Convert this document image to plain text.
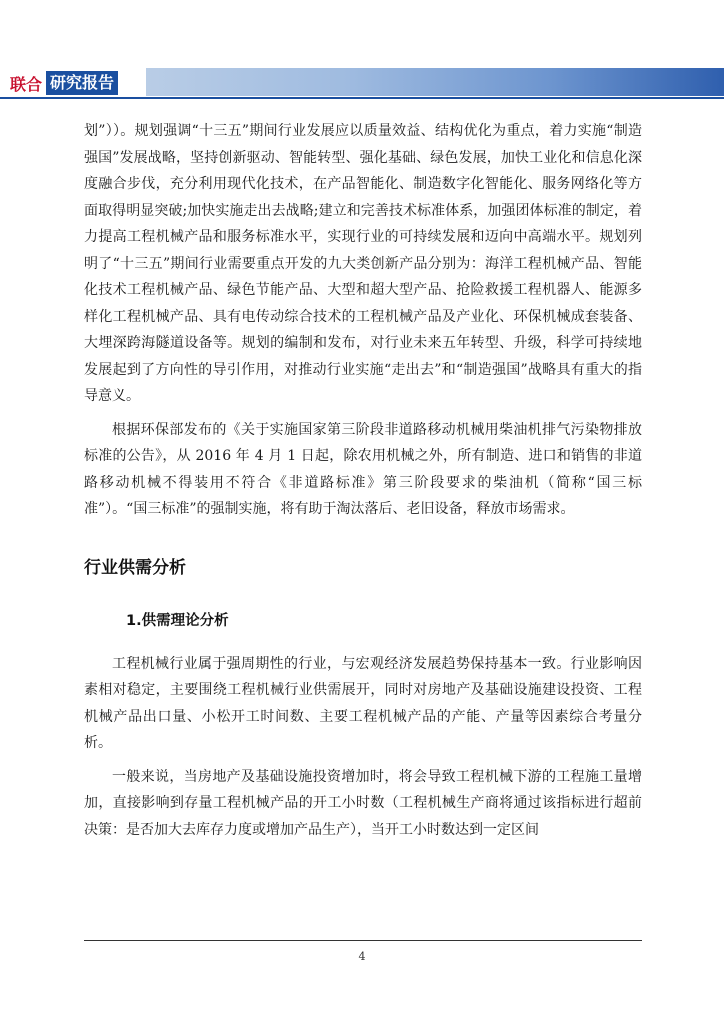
联合 研究报告

划”））。规划强调“十三五”期间行业发展应以质量效益、结构优化为重点，着力实施“制造强国”发展战略，坚持创新驱动、智能转型、强化基础、绿色发展，加快工业化和信息化深度融合步伐，充分利用现代化技术，在产品智能化、制造数字化智能化、服务网络化等方面取得明显突破;加快实施走出去战略;建立和完善技术标准体系，加强团体标准的制定，着力提高工程机械产品和服务标准水平，实现行业的可持续发展和迈向中高端水平。规划列明了“十三五”期间行业需要重点开发的九大类创新产品分别为：海洋工程机械产品、智能化技术工程机械产品、绿色节能产品、大型和超大型产品、抢险救援工程机器人、能源多样化工程机械产品、具有电传动综合技术的工程机械产品及产业化、环保机械成套装备、大埋深跨海隧道设备等。规划的编制和发布，对行业未来五年转型、升级，科学可持续地发展起到了方向性的导引作用，对推动行业实施“走出去”和“制造强国”战略具有重大的指导意义。

根据环保部发布的《关于实施国家第三阶段非道路移动机械用柴油机排气污染物排放标准的公告》，从 2016 年 4 月 1 日起，除农用机械之外，所有制造、进口和销售的非道路移动机械不得装用不符合《非道路标准》第三阶段要求的柴油机（简称“国三标准”）。“国三标准”的强制实施，将有助于淘汰落后、老旧设备，释放市场需求。

行业供需分析
1.供需理论分析

工程机械行业属于强周期性的行业，与宏观经济发展趋势保持基本一致。行业影响因素相对稳定，主要围绕工程机械行业供需展开，同时对房地产及基础设施建设投资、工程机械产品出口量、小松开工时间数、主要工程机械产品的产能、产量等因素综合考量分析。

一般来说，当房地产及基础设施投资增加时，将会导致工程机械下游的工程施工量增加，直接影响到存量工程机械产品的开工小时数（工程机械生产商将通过该指标进行超前决策：是否加大去库存力度或增加产品生产），当开工小时数达到一定区间

4
